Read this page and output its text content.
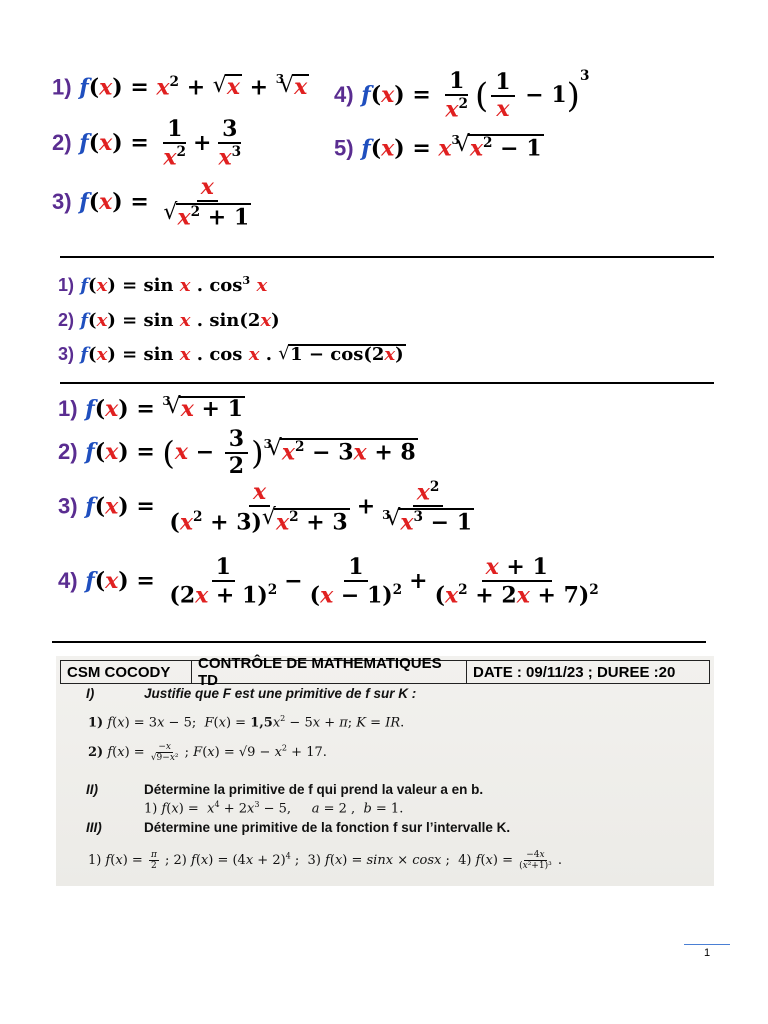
1) $f(x) = x^2$ + √ x + $^3$√ x
2) $f(x) = \frac{1}{x^2} + \frac{3}{x^3}$
3) f(x) = x
√ $x^2 + 1$
4) $f(x) = \frac{1}{x^2}$ ( $\frac{1}{x} - 1)^3$
5) $f(x) = x^3√$ $x^2 - 1$
1) f(x) = sin x . $\cos^3 x$
2) f(x) = sin x . sin(2x)
3) f(x) = sin x . cos x . √ 1 − cos(2x)
1) f(x) = $^3$√ x + 1
2) $f(x) = (x - \frac{3}{2} )^3√$ $x^2 - 3x + 8$
3) $f(x) = \frac{x}{(x^2 + 3)√ x^2 + 3} + \frac{x^2}{^3√ x^3 - 1}$
4) $f(x) = \frac{1}{(2x + 1)^2} - \frac{1}{(x - 1)^2} + \frac{x + 1}{(x^2 + 2x + 7)^2}$
CSM COCODY	CONTRÔLE DE MATHEMATIQUES TD	DATE : 09/11/23 ; DUREE :20
I)	Justifie que F est une primitive de f sur K :
1) f(x) = 3x − 5;  $F(x) = 1,5x^2 - 5x + \pi$; K = IR.
2) $f(x) = \frac{-x}{\text{√9−x²}}$ ; $F(x) = √9 - x^2 + 17$.
II)	Détermine la primitive de f qui prend la valeur a en b.
1) $f(x) = x^4 + 2x^3 - 5$,     a = 2 ,  b = 1.
III)	Détermine une primitive de la fonction f sur l’intervalle K.
1) $f(x) = \frac{\pi}{2}$ ; 2) $f(x) = (4x + 2)^4$ ;  3) f(x) = sinx × cosx ;  4) $f(x) = \frac{-4x}{\text{(x²+1)³}}$ .
1
